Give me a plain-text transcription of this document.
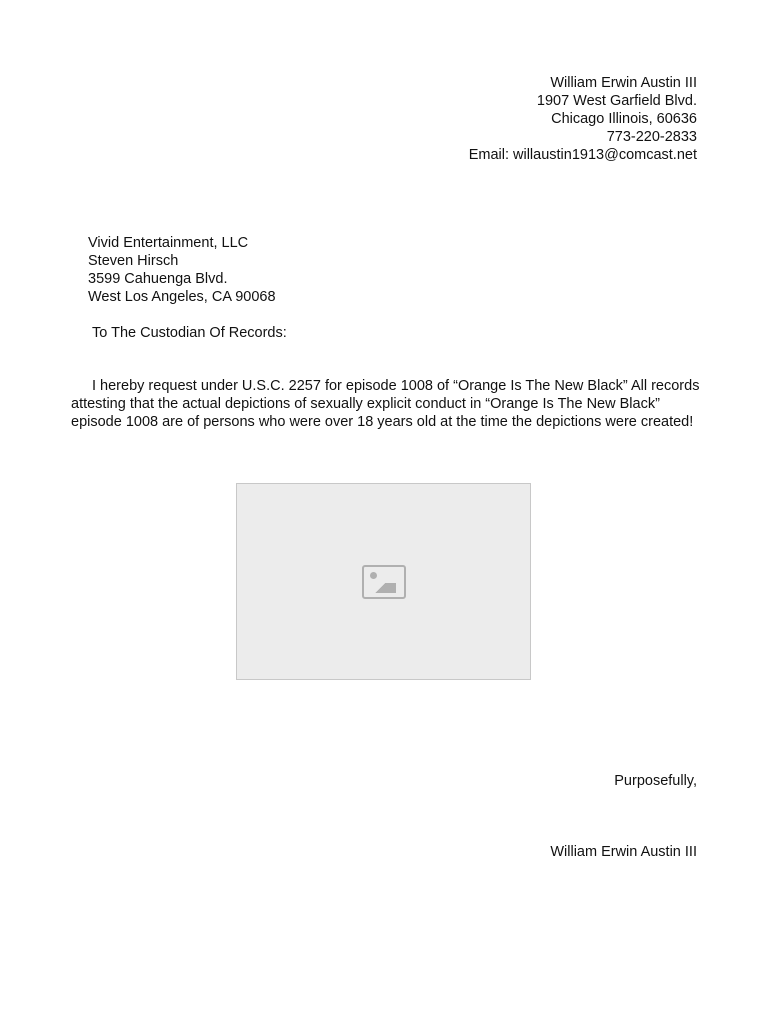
William Erwin Austin III
1907 West Garfield Blvd.
Chicago Illinois, 60636
773-220-2833
Email: willaustin1913@comcast.net
Vivid Entertainment, LLC
Steven Hirsch
3599 Cahuenga Blvd.
West Los Angeles, CA 90068
To The Custodian Of Records:
I hereby request under U.S.C. 2257 for episode 1008 of “Orange Is The New Black” All records attesting that the actual depictions of sexually explicit conduct in “Orange Is The New Black” episode 1008 are of persons who were over 18 years old at the time the depictions were created!
Purposefully,
William Erwin Austin III
